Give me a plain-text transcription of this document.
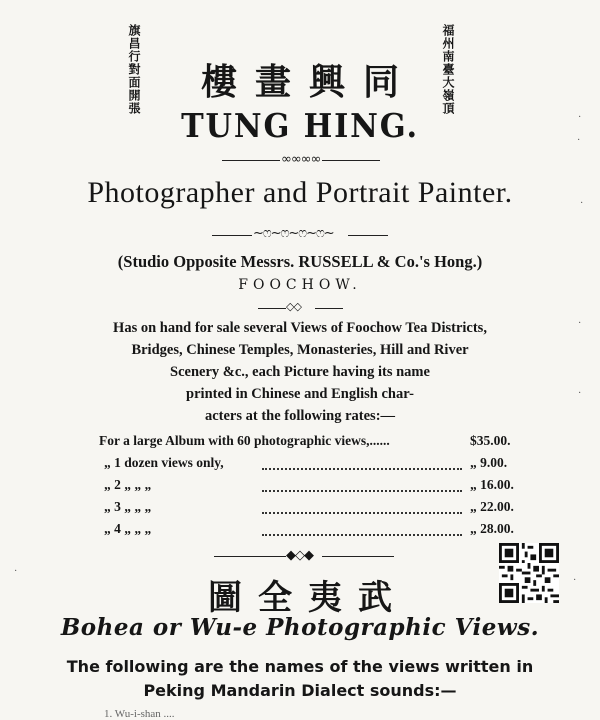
旗昌行對面開張	福州南臺大嶺頂
樓畫興同
TUNG HING.
∞∞∞∞
Photographer and Portrait Painter.
~ෆ~ෆ~ෆ~ෆ~
(Studio Opposite Messrs. RUSSELL & Co.'s Hong.)
FOOCHOW.
◇◇
Has on hand for sale several Views of Foochow Tea Districts,
Bridges, Chinese Temples, Monasteries, Hill and River
Scenery &c., each Picture having its name
printed in Chinese and English char-
acters at the following rates:—
For a large Album with 60 photographic views,......	$35.00.
„ 1 dozen views only,	„ 9.00.
„ 2 „ „ „	„ 16.00.
„ 3 „ „ „	„ 22.00.
„ 4 „ „ „	„ 28.00.
◆◇◆
圖全夷武
Bohea or Wu-e Photographic Views.
The following are the names of the views written in
Peking Mandarin Dialect sounds:—
1. Wu-i-shan ....
·
·
·
·
·
·
·
